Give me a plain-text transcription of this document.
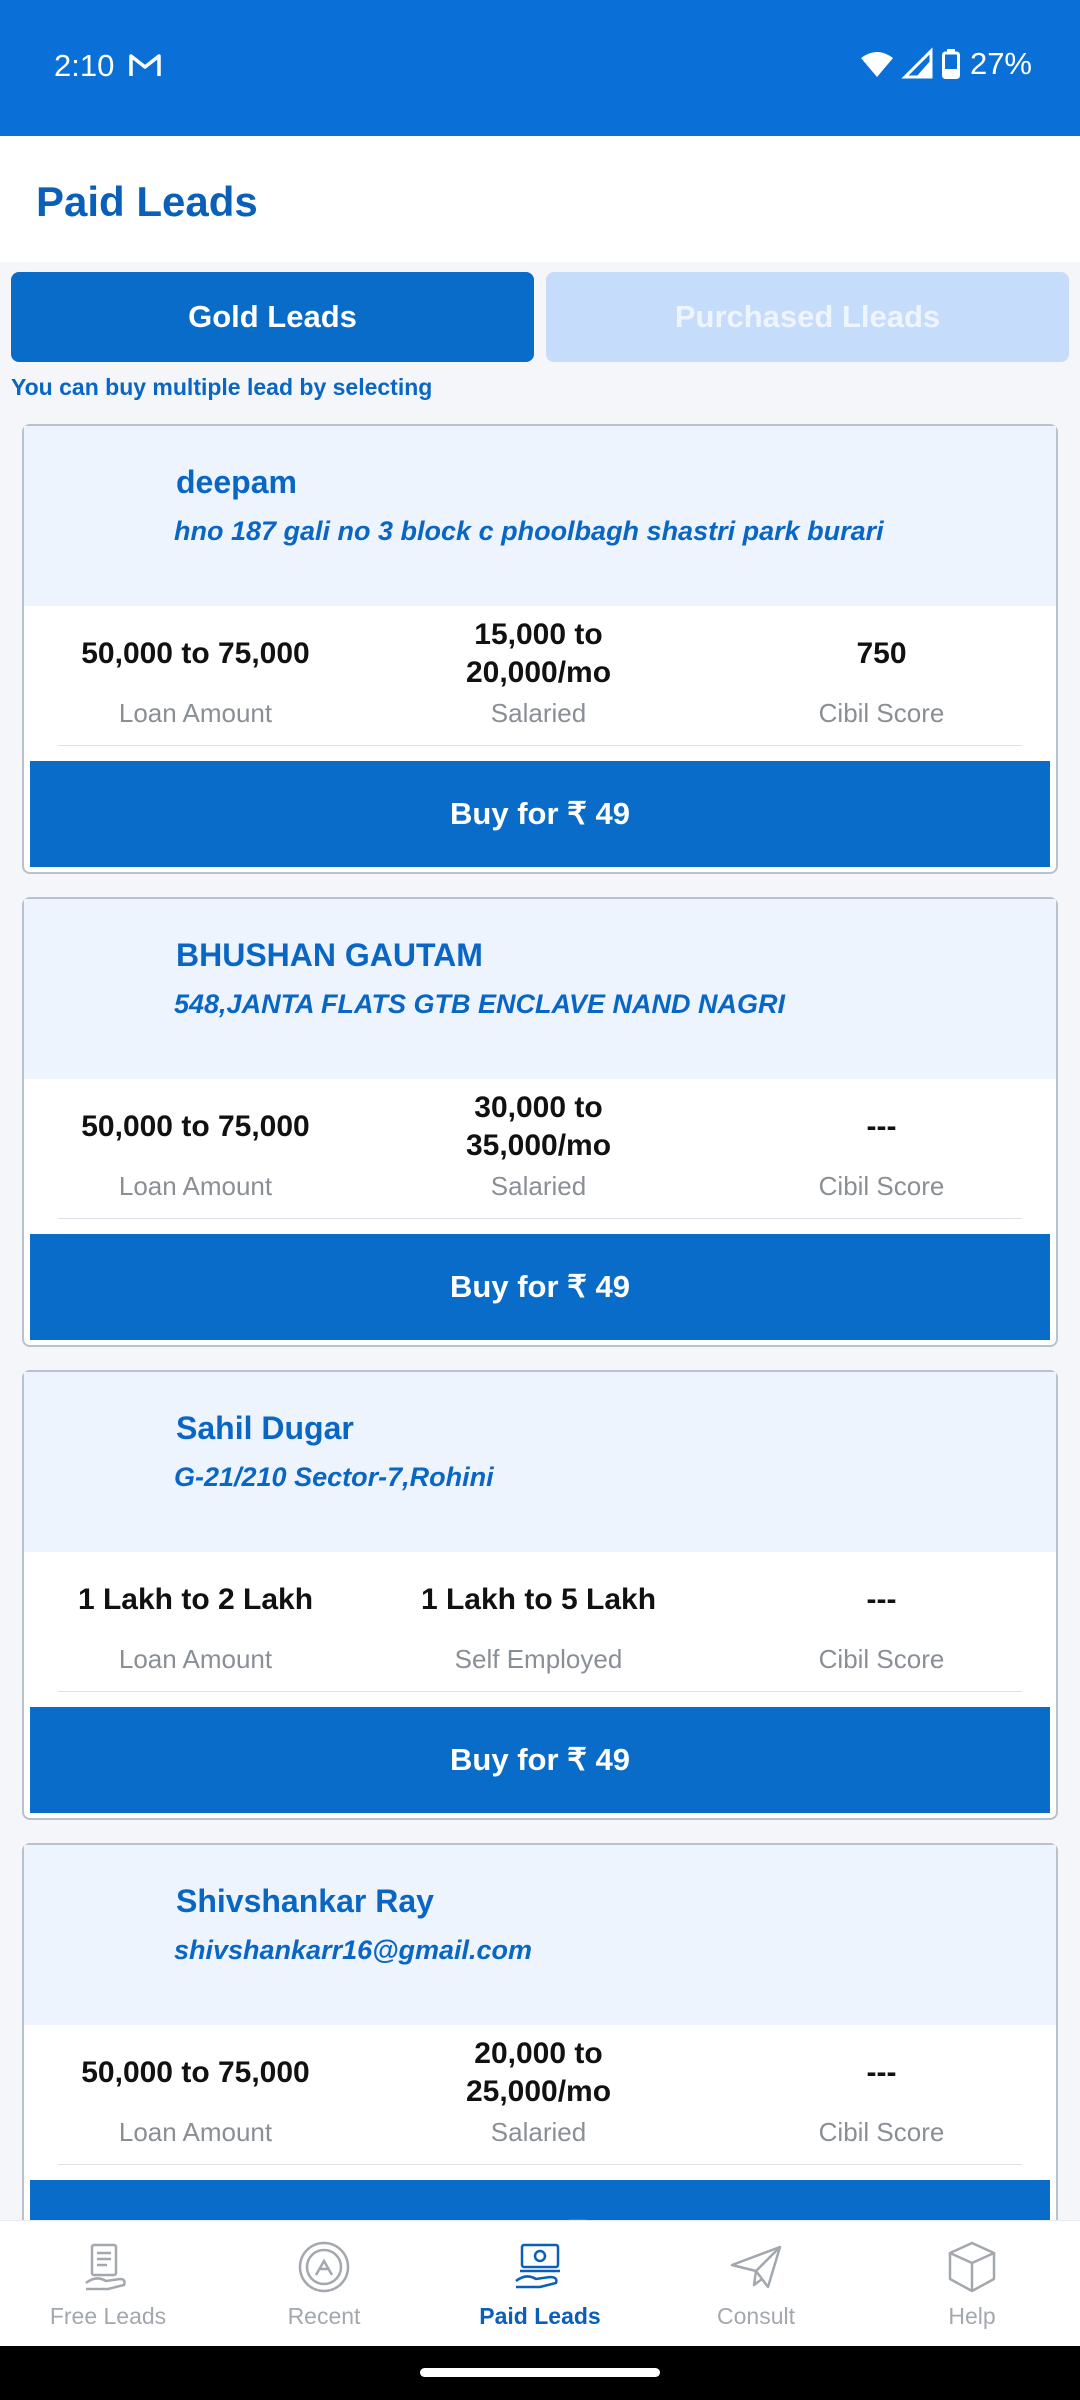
2:10	27%
Paid Leads
Gold Leads	Purchased Lleads
You can buy multiple lead by selecting
deepam
hno 187 gali no 3 block c phoolbagh shastri park burari
50,000 to 75,000
Loan Amount
15,000 to 20,000/mo
Salaried
750
Cibil Score
Buy for ₹ 49
BHUSHAN GAUTAM
548,JANTA FLATS GTB ENCLAVE NAND NAGRI
50,000 to 75,000
Loan Amount
30,000 to 35,000/mo
Salaried
---
Cibil Score
Buy for ₹ 49
Sahil Dugar
G-21/210 Sector-7,Rohini
1 Lakh to 2 Lakh
Loan Amount
1 Lakh to 5 Lakh
Self Employed
---
Cibil Score
Buy for ₹ 49
Shivshankar Ray
shivshankarr16@gmail.com
50,000 to 75,000
Loan Amount
20,000 to 25,000/mo
Salaried
---
Cibil Score
Free Leads	Recent	Paid Leads	Consult	Help
